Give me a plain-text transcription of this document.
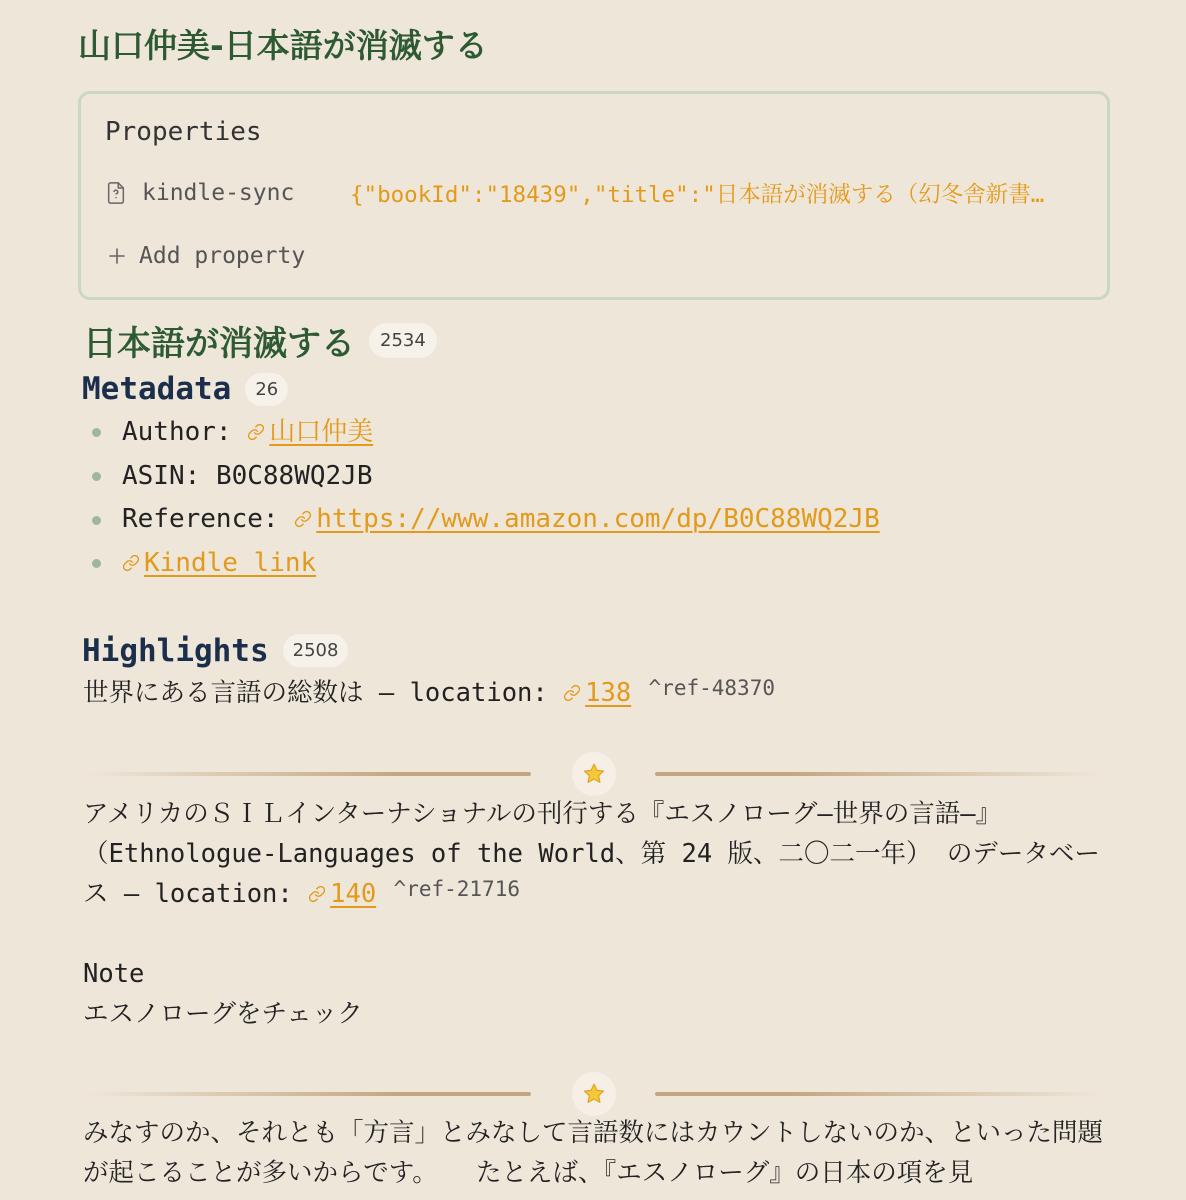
山口仲美-日本語が消滅する
Properties
kindle-sync {"bookId":"18439","title":"日本語が消滅する（幻冬舎新書…
Add property
日本語が消滅する	2534
Metadata	26
Author: 山口仲美
ASIN: B0C88WQ2JB
Reference: https://www.amazon.com/dp/B0C88WQ2JB
Kindle link
Highlights	2508

世界にある言語の総数は — location: 138 $^{\^{}ref-48370}$

アメリカのＳＩＬインターナショナルの刊行する『エスノローグ—世界の言語—』（Ethnologue-Languages of the World、第 24 版、二〇二一年） のデータベース — location: 140 $^{\^{}ref-21716}$

Note
エスノローグをチェック

みなすのか、それとも「方言」とみなして言語数にはカウントしないのか、といった問題が起こることが多いからです。　　たとえば、『エスノローグ』の日本の項を見
